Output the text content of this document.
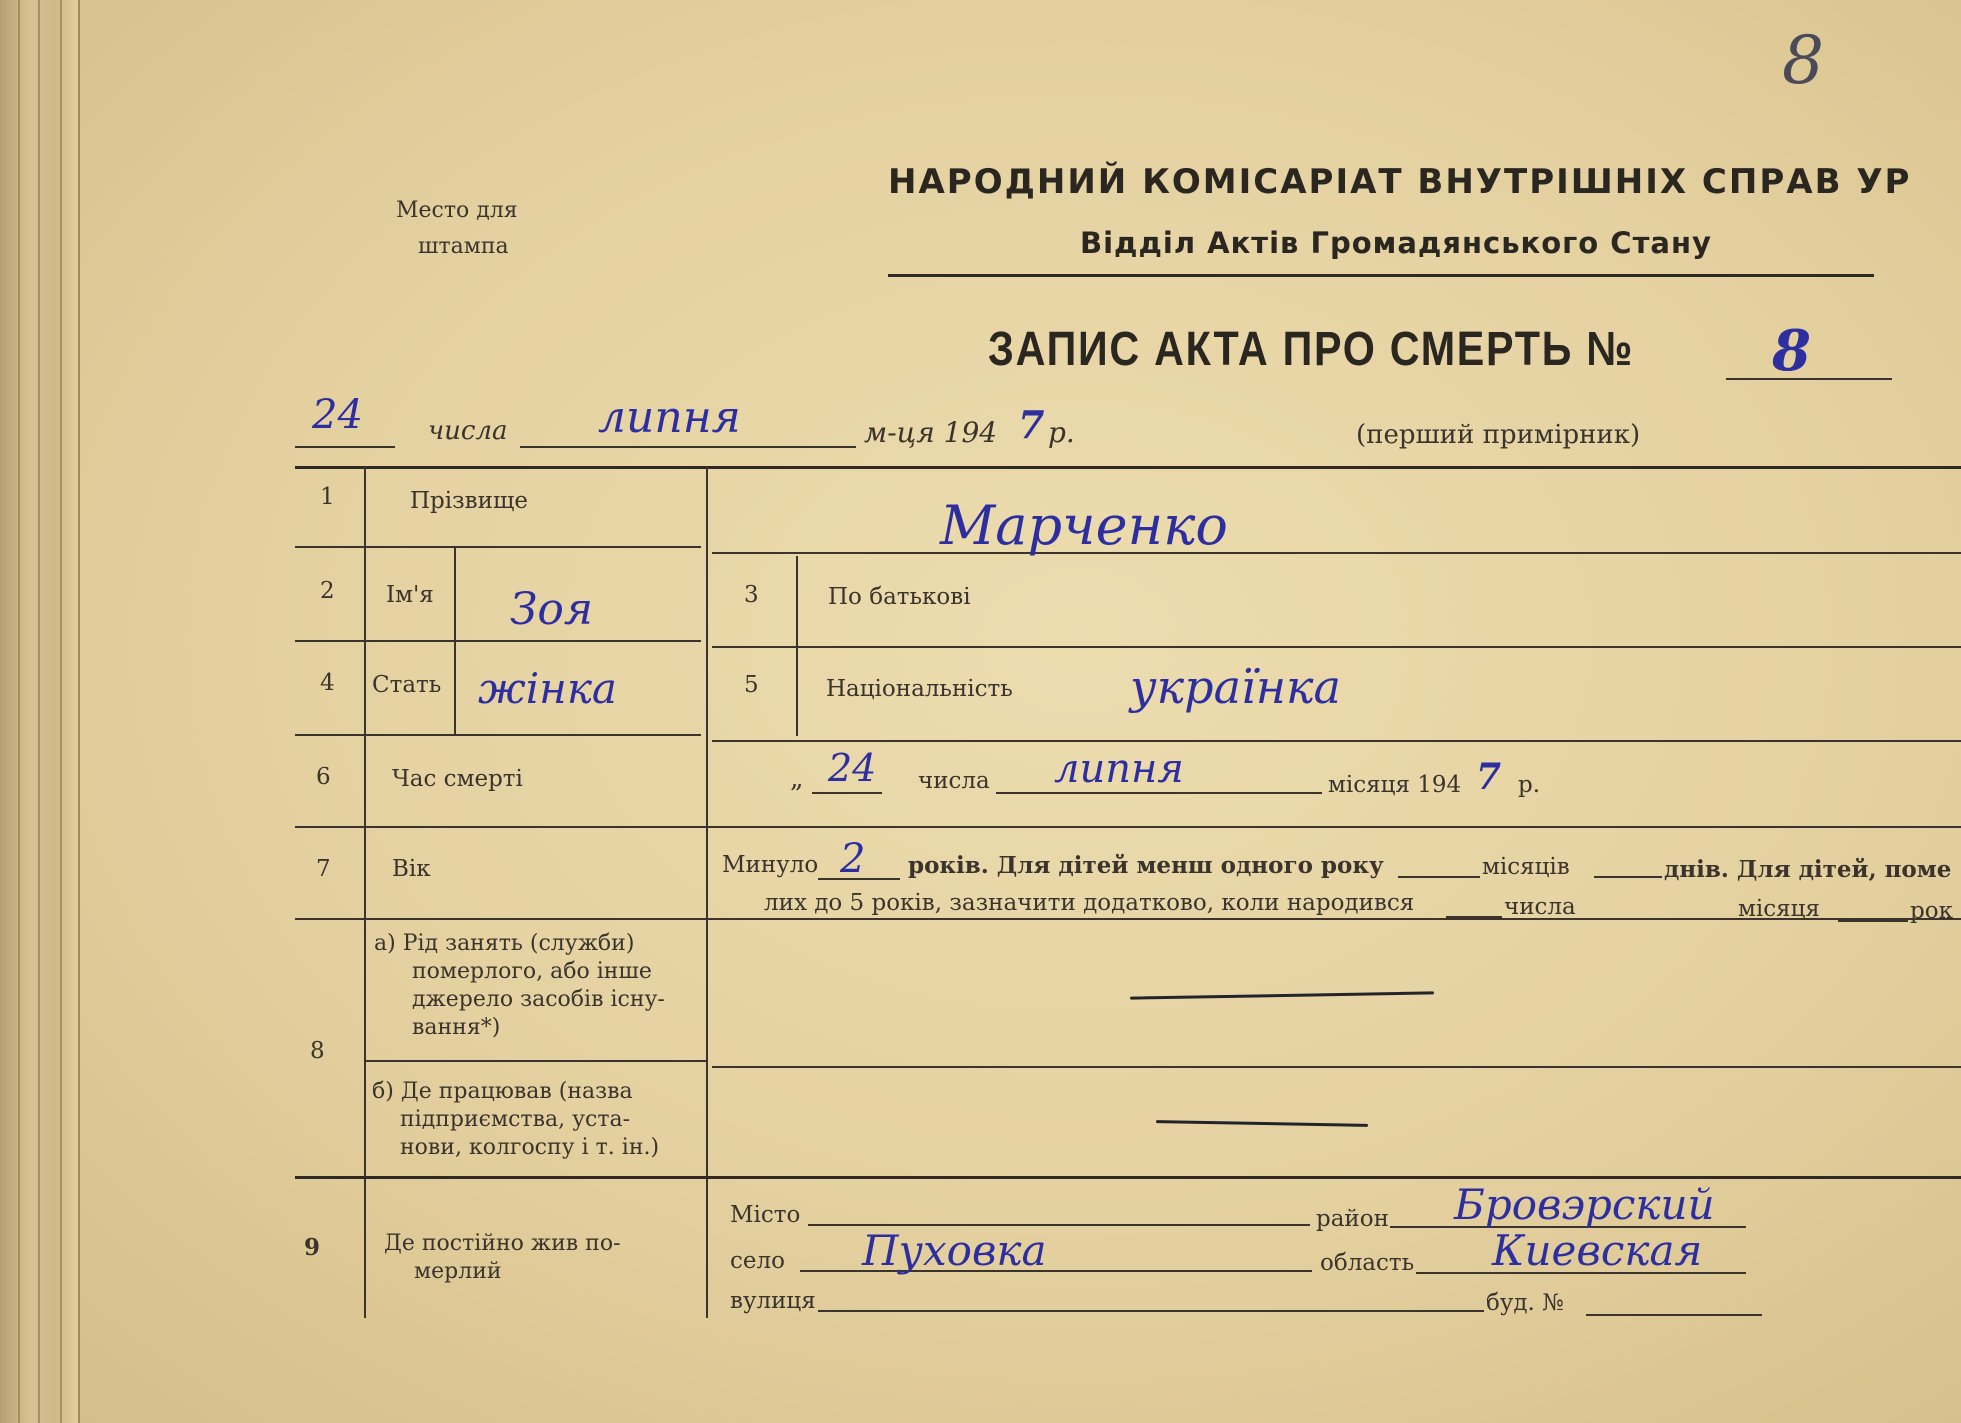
8
Место для
штампа
НАРОДНИЙ КОМІСАРІАТ ВНУТРІШНІХ СПРАВ УР
Відділ Актів Громадянського Стану
ЗАПИС АКТА ПРО СМЕРТЬ № 8
24	числа липня	м-ця 194 7 р.	(перший примірник)
1	Прізвище	Марченко
2 Ім'я Зоя	3	По батькові
4 Стать жінка	5	Національність	українка
6	Час смерті	„ 24 числа липня	місяця 194 7 р.
7	Вік	Минуло 2 років. Для дітей менш одного року	місяців	днів. Для дітей, поме
лих до 5 років, зазначити додатково, коли народився	числа	місяця	рок
8
а) Рід занять (служби)
померлого, або інше
джерело засобів існу-
вання*)
б) Де працював (назва
підприємства, уста-
нови, колгоспу і т. ін.)
9	Де постійно жив по-
мерлий
Місто	район Бровэрский
село Пуховка	область Киевская
вулиця	буд. №
